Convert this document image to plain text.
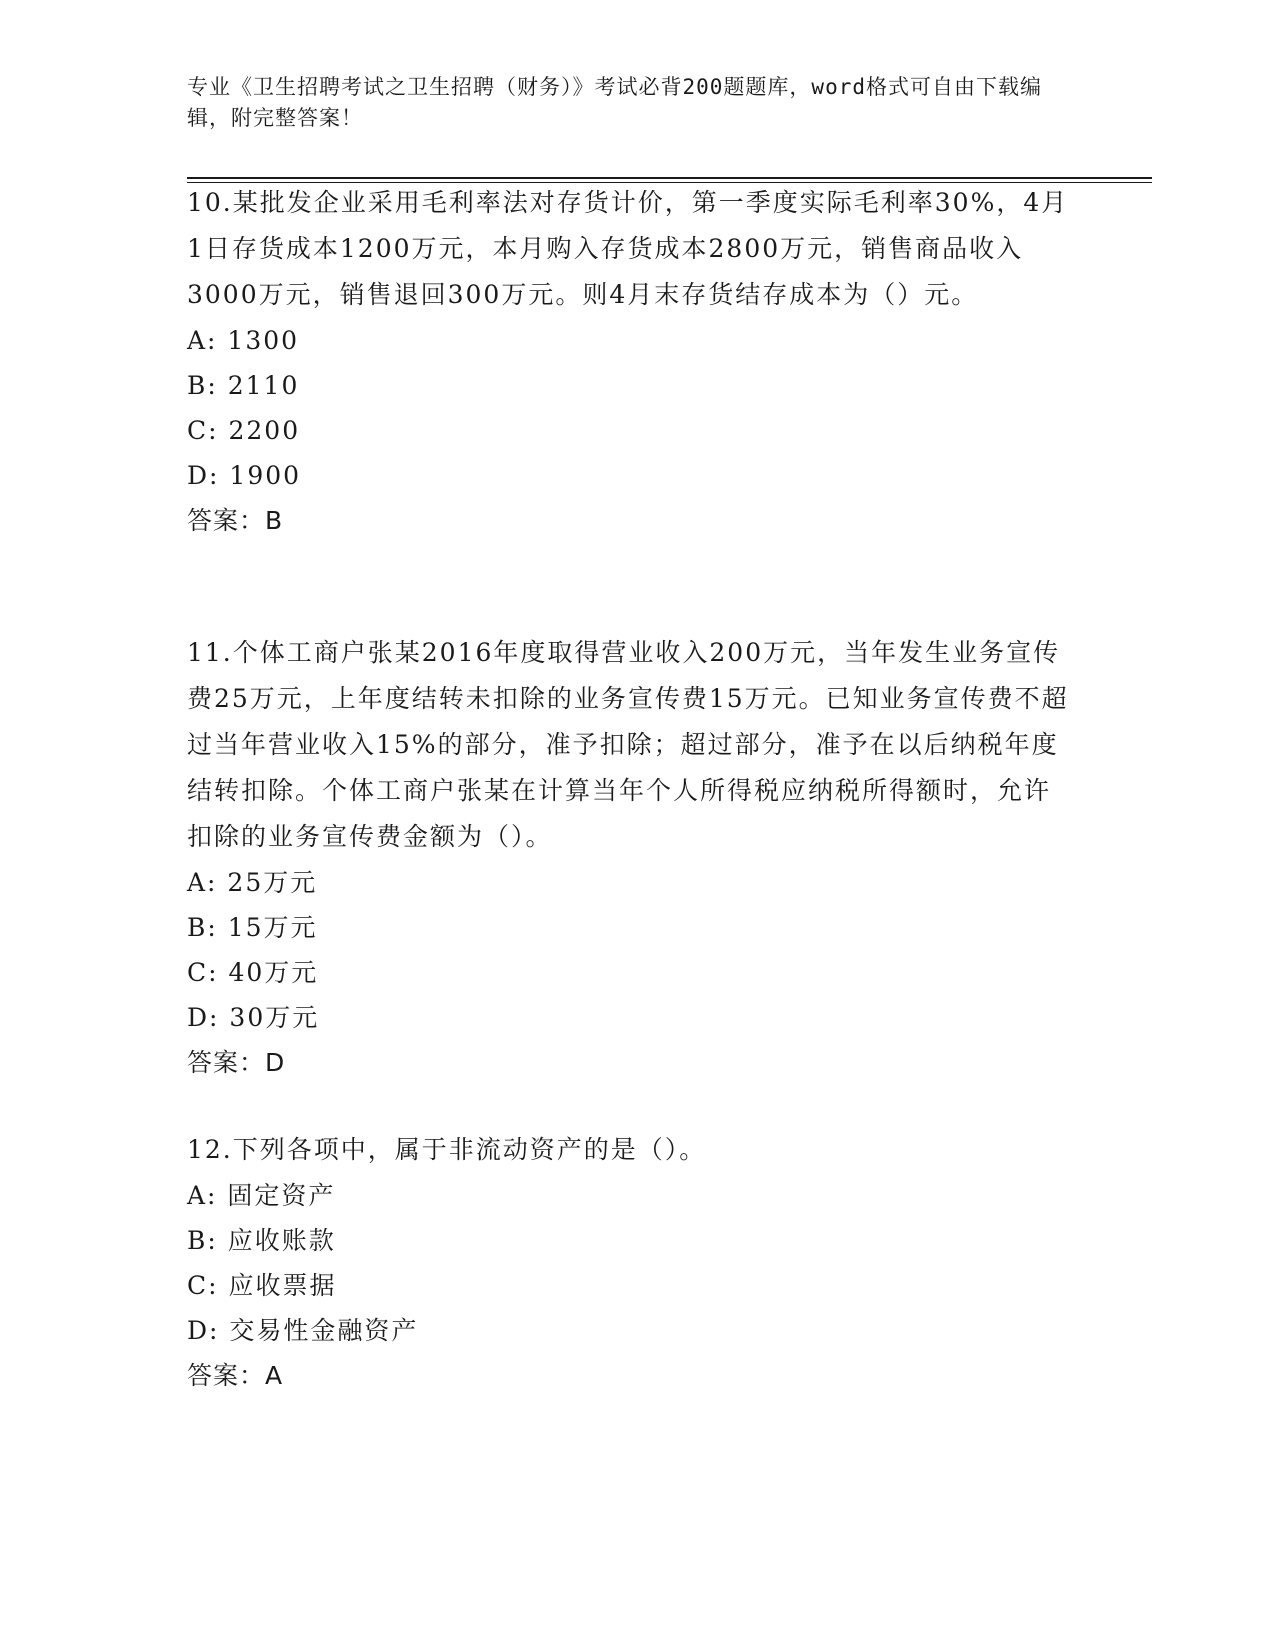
专业《卫生招聘考试之卫生招聘（财务）》考试必背200题题库，word格式可自由下载编辑，附完整答案！

10.某批发企业采用毛利率法对存货计价，第一季度实际毛利率30%，4月1日存货成本1200万元，本月购入存货成本2800万元，销售商品收入3000万元，销售退回300万元。则4月末存货结存成本为（）元。

A: 1300

B: 2110

C: 2200

D: 1900

答案：B

11.个体工商户张某2016年度取得营业收入200万元，当年发生业务宣传费25万元，上年度结转未扣除的业务宣传费15万元。已知业务宣传费不超过当年营业收入15%的部分，准予扣除；超过部分，准予在以后纳税年度结转扣除。个体工商户张某在计算当年个人所得税应纳税所得额时，允许扣除的业务宣传费金额为（）。

A: 25万元

B: 15万元

C: 40万元

D: 30万元

答案：D

12.下列各项中，属于非流动资产的是（）。

A: 固定资产

B: 应收账款

C: 应收票据

D: 交易性金融资产

答案：A
